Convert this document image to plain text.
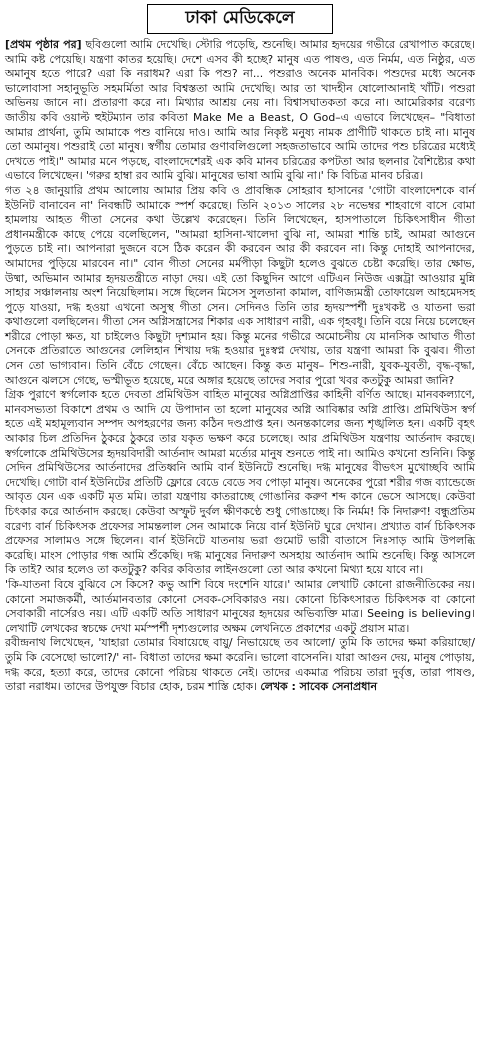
ঢাকা মেডিকেলে

[প্রথম পৃষ্ঠার পর] ছবিগুলো আমি দেখেছি। স্টোরি পড়েছি, শুনেছি। আমার হৃদয়ের গভীরে রেখাপাত করেছে। আমি কষ্ট পেয়েছি। যন্ত্রণা কাতর হয়েছি। দেশে এসব কী হচ্ছে? মানুষ এত পাষণ্ড, এত নির্মম, এত নিষ্ঠুর, এত অমানুষ হতে পারে? এরা কি নরাধম? এরা কি পশু? না... পশুরাও অনেক মানবিক। পশুদের মধ্যে অনেক ভালোবাসা সহানুভূতি সহমর্মিতা আর বিশ্বস্ততা আমি দেখেছি। আর তা খাদহীন ষোলোআনাই খাঁটি। পশুরা অভিনয় জানে না। প্রতারণা করে না। মিথ্যার আশ্রয় নেয় না। বিশ্বাসঘাতকতা করে না। আমেরিকার বরেণ্য জাতীয় কবি ওয়াল্ট হুইটম্যান তার কবিতা Make Me a Beast, O God–এ এভাবে লিখেছেন– "বিধাতা আমার প্রার্থনা, তুমি আমাকে পশু বানিয়ে দাও। আমি আর নিকৃষ্ট মনুষ্য নামক প্রাণীটি থাকতে চাই না। মানুষ তো অমানুষ। পশুরাই তো মানুষ। স্বর্গীয় তোমার গুণাবলিগুলো সহজতাভাবে আমি তাদের পশু চরিত্রের মধ্যেই দেখতে পাই।" আমার মনে পড়ছে, বাংলাদেশেরই এক কবি মানব চরিত্রের কপটতা আর ছলনার বৈশিষ্ট্যের কথা এভাবে লিখেছেন। 'গরুর হাম্বা রব আমি বুঝি। মানুষের ভাষা আমি বুঝি না।' কি বিচিত্র মানব চরিত্র।

গত ২৪ জানুয়ারি প্রথম আলোয় আমার প্রিয় কবি ও প্রাবন্ধিক সোহরাব হাসানের 'গোটা বাংলাদেশকে বার্ন ইউনিট বানাবেন না' নিবন্ধটি আমাকে স্পর্শ করেছে। তিনি ২০১৩ সালের ২৮ নভেম্বর শাহবাগে বাসে বোমা হামলায় আহত গীতা সেনের কথা উল্লেখ করেছেন। তিনি লিখেছেন, হাসপাতালে চিকিৎসাধীন গীতা প্রধানমন্ত্রীকে কাছে পেয়ে বলেছিলেন, "আমরা হাসিনা-খালেদা বুঝি না, আমরা শান্তি চাই, আমরা আগুনে পুড়তে চাই না। আপনারা দুজনে বসে ঠিক করেন কী করবেন আর কী করবেন না। কিন্তু দোহাই আপনাদের, আমাদের পুড়িয়ে মারবেন না।" বোন গীতা সেনের মর্মপীড়া কিছুটা হলেও বুঝতে চেষ্টা করেছি। তার ক্ষোভ, উষ্মা, অভিমান আমার হৃদয়তন্ত্রীতে নাড়া দেয়। এই তো কিছুদিন আগে এটিএন নিউজ এক্সট্রা আওয়ার মুন্নি সাহার সঞ্চালনায় অংশ নিয়েছিলাম। সঙ্গে ছিলেন মিসেস সুলতানা কামাল, বাণিজ্যমন্ত্রী তোফায়েল আহমেদসহ পুড়ে যাওয়া, দগ্ধ হওয়া এখনো অসুস্থ গীতা সেন। সেদিনও তিনি তার হৃদয়স্পর্শী দুঃখকষ্ট ও যাতনা ভরা কথাগুলো বলছিলেন। গীতা সেন অগ্নিসন্ত্রাসের শিকার এক সাধারণ নারী, এক গৃহবধূ। তিনি বয়ে নিয়ে চলেছেন শরীরে পোড়া ক্ষত, যা চাইলেও কিছুটা দৃশ্যমান হয়। কিন্তু মনের গভীরে অমোচনীয় যে মানসিক আঘাত গীতা সেনকে প্রতিরাতে আগুনের লেলিহান শিখায় দগ্ধ হওয়ার দুঃস্বপ্ন দেখায়, তার যন্ত্রণা আমরা কি বুঝব। গীতা সেন তো ভাগ্যবান। তিনি বেঁচে গেছেন। বেঁচে আছেন। কিন্তু কত মানুষ– শিশু-নারী, যুবক-যুবতী, বৃদ্ধ-বৃদ্ধা, আগুনে ঝলসে গেছে, ভস্মীভূত হয়েছে, মরে অঙ্গার হয়েছে তাদের সবার পুরো খবর কতটুকু আমরা জানি?

গ্রিক পুরাণে স্বর্গলোক হতে দেবতা প্রমিথিউস বাহিত মানুষের অগ্নিপ্রাপ্তির কাহিনী বর্ণিত আছে। মানবকল্যাণে, মানবসভ্যতা বিকাশে প্রথম ও আদি যে উপাদান তা হলো মানুষের অগ্নি আবিষ্কার অগ্নি প্রাপ্তি। প্রমিথিউস স্বর্গ হতে এই মহামূল্যবান সম্পদ অপহরণের জন্য কঠিন দণ্ডপ্রাপ্ত হন। অনন্তকালের জন্য শৃঙ্খলিত হন। একটি বৃহৎ আকার চিল প্রতিদিন ঠুকরে ঠুকরে তার যকৃত ভক্ষণ করে চলেছে। আর প্রমিথিউস যন্ত্রণায় আর্তনাদ করছে। স্বর্গলোকে প্রমিথিউসের হৃদয়বিদারী আর্তনাদ আমরা মর্ত্যের মানুষ শুনতে পাই না। আমিও কখনো শুনিনি। কিন্তু সেদিন প্রমিথিউসের আর্তনাদের প্রতিধ্বনি আমি বার্ন ইউনিটে শুনেছি। দগ্ধ মানুষের বীভৎস মুখোচ্ছবি আমি দেখেছি। গোটা বার্ন ইউনিটের প্রতিটি ফ্লোরে বেডে বেডে সব পোড়া মানুষ। অনেকের পুরো শরীর গজ ব্যান্ডেজে আবৃত যেন এক একটি মৃত মমি। তারা যন্ত্রণায় কাতরাচ্ছে গোঙানির করুণ শব্দ কানে ভেসে আসছে। কেউবা চিৎকার করে আর্তনাদ করছে। কেউবা অস্ফুট দুর্বল ক্ষীণকণ্ঠে শুধু গোঙাচ্ছে। কি নির্মম! কি নিদারুণ! বন্ধুপ্রতিম বরেণ্য বার্ন চিকিৎসক প্রফেসর সামন্তলাল সেন আমাকে নিয়ে বার্ন ইউনিট ঘুরে দেখান। প্রখ্যাত বার্ন চিকিৎসক প্রফেসর সালামও সঙ্গে ছিলেন। বার্ন ইউনিটে যাতনায় ভরা গুমোট ভারী বাতাসে নিঃসাড় আমি উপলব্ধি করেছি। মাংস পোড়ার গন্ধ আমি শুঁকেছি। দগ্ধ মানুষের নিদারুণ অসহায় আর্তনাদ আমি শুনেছি। কিন্তু আসলে কি তাই? আর হলেও তা কতটুকু? কবির কবিতার লাইনগুলো তো আর কখনো মিথ্যা হয়ে যাবে না।

'কি-যাতনা বিষে বুঝিবে সে কিসে? কভু আশি বিষে দংশেনি যারে।' আমার লেখাটি কোনো রাজনীতিকের নয়। কোনো সমাজকর্মী, আর্তমানবতার কোনো সেবক-সেবিকারও নয়। কোনো চিকিৎসারত চিকিৎসক বা কোনো সেবাকারী নার্সেরও নয়। এটি একটি অতি সাধারণ মানুষের হৃদয়ের অভিব্যক্তি মাত্র। Seeing is believing। লেখাটি লেখকের স্বচক্ষে দেখা মর্মস্পর্শী দৃশ্যগুলোর অক্ষম লেখনিতে প্রকাশের একটু প্রয়াস মাত্র।

রবীন্দ্রনাথ লিখেছেন, 'যাহারা তোমার বিষায়েছে বায়ু/ নিভায়েছে তব আলো/ তুমি কি তাদের ক্ষমা করিয়াছো/ তুমি কি বেসেছো ভালো?/' না- বিধাতা তাদের ক্ষমা করেনি। ভালো বাসেননি। যারা আগুন দেয়, মানুষ পোড়ায়, দগ্ধ করে, হত্যা করে, তাদের কোনো পরিচয় থাকতে নেই। তাদের একমাত্র পরিচয় তারা দুর্বৃত্ত, তারা পাষণ্ড, তারা নরাধম। তাদের উপযুক্ত বিচার হোক, চরম শাস্তি হোক। লেখক : সাবেক সেনাপ্রধান
